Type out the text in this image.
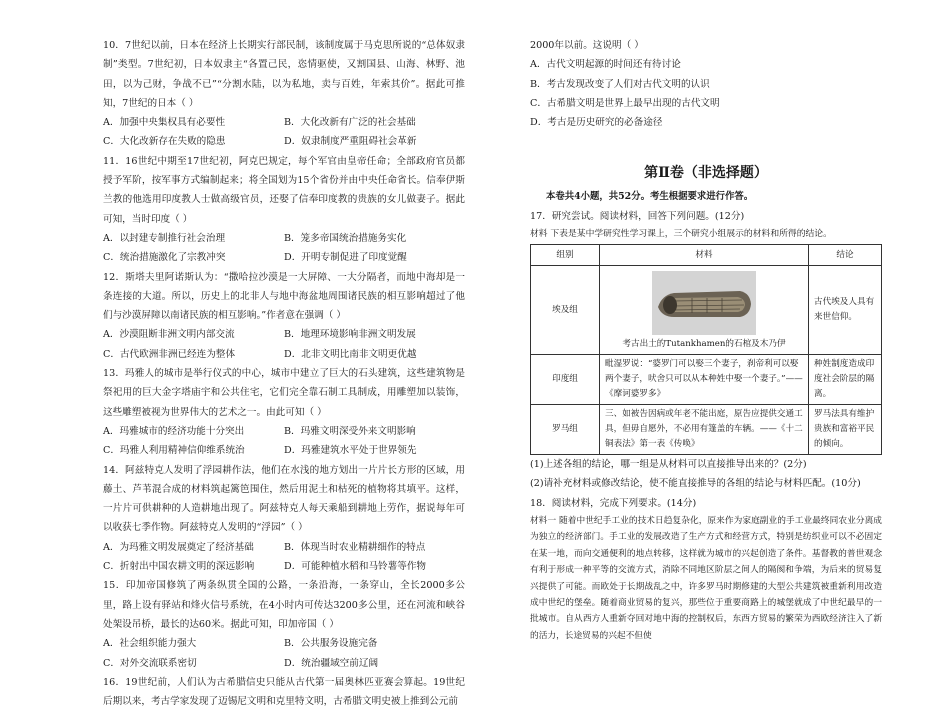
10．7世纪以前，日本在经济上长期实行部民制，该制度属于马克思所说的“总体奴隶制”类型。7世纪初，日本奴隶主“各置己民，恣情驱使，又割国县、山海、林野、池田，以为己财，争战不已”“分割水陆，以为私地，卖与百姓，年索其价”。据此可推知，7世纪的日本（ ）

A．加强中央集权具有必要性	B．大化改新有广泛的社会基础
C．大化改新存在失败的隐患	D．奴隶制度严重阻碍社会革新

11．16世纪中期至17世纪初，阿克巴规定，每个军官由皇帝任命；全部政府官员都授予军阶，按军事方式编制起来；将全国划为15个省份并由中央任命省长。信奉伊斯兰教的他选用印度教人士做高级官员，还娶了信奉印度教的贵族的女儿做妻子。据此可知，当时印度（ ）

A．以封建专制推行社会治理	B．笼多帝国统治措施务实化
C．统治措施激化了宗教冲突	D．开明专制促进了印度觉醒

12．斯塔夫里阿诺斯认为：“撒哈拉沙漠是一大屏障、一大分隔者，而地中海却是一条连接的大道。所以，历史上的北非人与地中海盆地周围诸民族的相互影响超过了他们与沙漠屏障以南诸民族的相互影响。”作者意在强调（ ）

A．沙漠阻断非洲文明内部交流	B．地理环境影响非洲文明发展
C．古代欧洲非洲已经连为整体	D．北非文明比南非文明更优越

13．玛雅人的城市是举行仪式的中心，城市中建立了巨大的石头建筑，这些建筑物是祭祀用的巨大金字塔庙宇和公共住宅，它们完全靠石制工具制成，用雕塑加以装饰，这些雕塑被视为世界伟大的艺术之一。由此可知（ ）

A．玛雅城市的经济功能十分突出	B．玛雅文明深受外来文明影响
C．玛雅人利用精神信仰维系统治	D．玛雅建筑水平处于世界领先

14．阿兹特克人发明了浮园耕作法，他们在水浅的地方划出一片片长方形的区域，用藤土、芦苇混合成的材料筑起篱笆围住，然后用泥土和枯死的植物将其填平。这样，一片片可供耕种的人造耕地出现了。阿兹特克人每天乘船到耕地上劳作，据说每年可以收获七季作物。阿兹特克人发明的“浮园”（ ）

A．为玛雅文明发展奠定了经济基础	B．体现当时农业精耕细作的特点
C．折射出中国农耕文明的深远影响	D．可能种植水稻和马铃薯等作物

15．印加帝国修筑了两条纵贯全国的公路，一条沿海，一条穿山，全长2000多公里，路上设有驿站和烽火信号系统，在4小时内可传达3200多公里，还在河流和峡谷处架设吊桥，最长的达60米。据此可知，印加帝国（ ）

A．社会组织能力强大	B．公共服务设施完备
C．对外交流联系密切	D．统治疆域空前辽阔

16．19世纪前，人们认为古希腊信史只能从古代第一届奥林匹亚赛会算起。19世纪后期以来，考古学家发现了迈锡尼文明和克里特文明，古希腊文明史被上推到公元前

2000年以前。这说明（ ）

A．古代文明起源的时间还有待讨论
B．考古发现改变了人们对古代文明的认识
C．古希腊文明是世界上最早出现的古代文明
D．考古是历史研究的必备途径
第Ⅱ卷（非选择题）

本卷共4小题，共52分。考生根据要求进行作答。

17．研究尝试。阅读材料，回答下列问题。(12分)

材料 下表是某中学研究性学习课上，三个研究小组展示的材料和所得的结论。

组别	材料	结论
埃及组	考古出土的Tutankhamen的石棺及木乃伊	古代埃及人具有来世信仰。
印度组	毗湿罗说：“婆罗门可以娶三个妻子，刹帝利可以娶两个妻子，吠舍只可以从本种姓中娶一个妻子。”——《摩诃婆罗多》	种姓制度造成印度社会阶层的隔离。
罗马组	三、如被告因病或年老不能出庭，原告应提供交通工具，但毋自愿外，不必用有篷盖的车辆。——《十二铜表法》第一表《传唤》	罗马法具有维护贵族和富裕平民的倾向。

(1)上述各组的结论，哪一组是从材料可以直接推导出来的？(2分)

(2)请补充材料或修改结论，使不能直接推导的各组的结论与材料匹配。(10分)

18．阅读材料，完成下列要求。(14分)

材料一 随着中世纪手工业的技术日趋复杂化，原来作为家庭副业的手工业最终同农业分离成为独立的经济部门。手工业的发展改造了生产方式和经营方式，特别是纺织业可以不必固定在某一地，而向交通便利的地点转移，这样就为城市的兴起创造了条件。基督教的普世观念有利于形成一种平等的交流方式，消除不同地区阶层之间人的隔阂和争端，为后来的贸易复兴提供了可能。而欧处于长期战乱之中，许多罗马时期修建的大型公共建筑被重新利用改造成中世纪的堡垒。随着商业贸易的复兴，那些位于重要商路上的城堡就成了中世纪最早的一批城市。自从西方人重新夺回对地中海的控制权后，东西方贸易的繁荣为西欧经济注入了新的活力，长途贸易的兴起不但使
